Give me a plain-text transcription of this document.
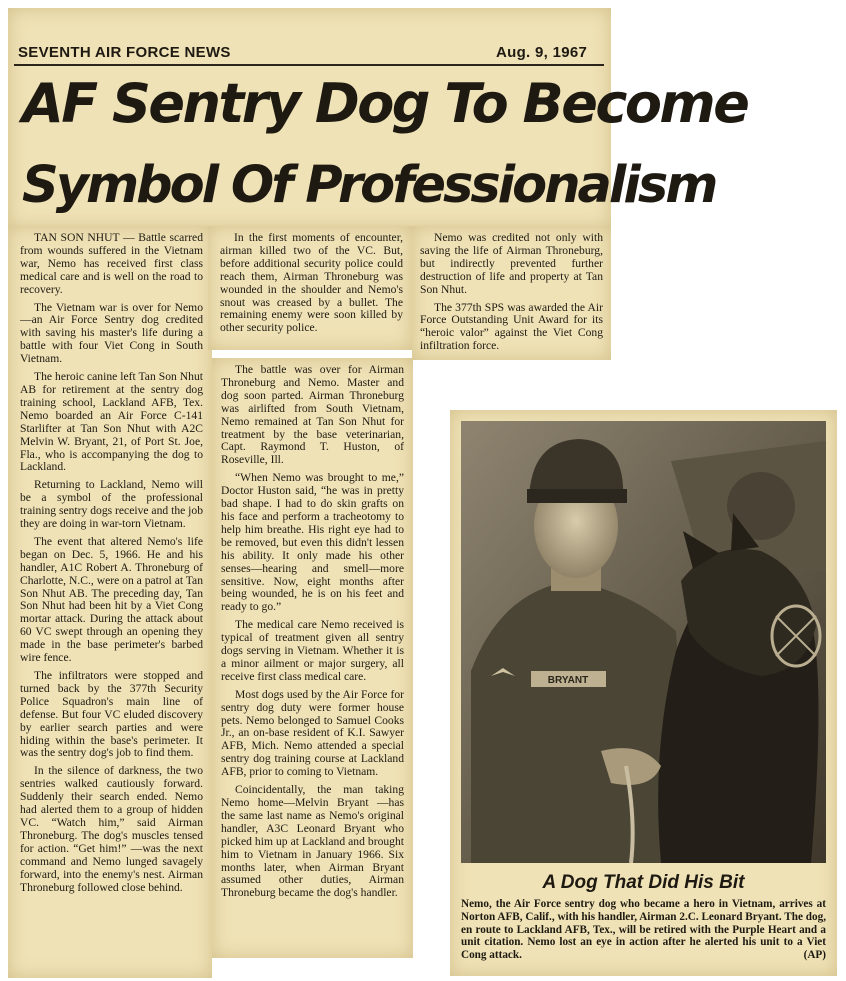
SEVENTH AIR FORCE NEWS	Aug. 9, 1967
AF Sentry Dog To Become
Symbol Of Professionalism

TAN SON NHUT — Battle scarred from wounds suffered in the Vietnam war, Nemo has received first class medical care and is well on the road to recovery.

The Vietnam war is over for Nemo—an Air Force Sentry dog credited with saving his master's life during a battle with four Viet Cong in South Vietnam.

The heroic canine left Tan Son Nhut AB for retirement at the sentry dog training school, Lackland AFB, Tex. Nemo boarded an Air Force C-141 Starlifter at Tan Son Nhut with A2C Melvin W. Bryant, 21, of Port St. Joe, Fla., who is accompanying the dog to Lackland.

Returning to Lackland, Nemo will be a symbol of the professional training sentry dogs receive and the job they are doing in war-torn Vietnam.

The event that altered Nemo's life began on Dec. 5, 1966. He and his handler, A1C Robert A. Throneburg of Charlotte, N.C., were on a patrol at Tan Son Nhut AB. The preceding day, Tan Son Nhut had been hit by a Viet Cong mortar attack. During the attack about 60 VC swept through an opening they made in the base perimeter's barbed wire fence.

The infiltrators were stopped and turned back by the 377th Security Police Squadron's main line of defense. But four VC eluded discovery by earlier search parties and were hiding within the base's perimeter. It was the sentry dog's job to find them.

In the silence of darkness, the two sentries walked cautiously forward. Suddenly their search ended. Nemo had alerted them to a group of hidden VC. “Watch him,” said Airman Throneburg. The dog's muscles tensed for action. “Get him!” —was the next command and Nemo lunged savagely forward, into the enemy's nest. Airman Throneburg followed close behind.

In the first moments of encounter, airman killed two of the VC. But, before additional security police could reach them, Airman Throneburg was wounded in the shoulder and Nemo's snout was creased by a bullet. The remaining enemy were soon killed by other security police.

Nemo was credited not only with saving the life of Airman Throneburg, but indirectly prevented further destruction of life and property at Tan Son Nhut.

The 377th SPS was awarded the Air Force Outstanding Unit Award for its “heroic valor” against the Viet Cong infiltration force.

The battle was over for Airman Throneburg and Nemo. Master and dog soon parted. Airman Throneburg was airlifted from South Vietnam, Nemo remained at Tan Son Nhut for treatment by the base veterinarian, Capt. Raymond T. Huston, of Roseville, Ill.

“When Nemo was brought to me,” Doctor Huston said, “he was in pretty bad shape. I had to do skin grafts on his face and perform a tracheotomy to help him breathe. His right eye had to be removed, but even this didn't lessen his ability. It only made his other senses—hearing and smell—more sensitive. Now, eight months after being wounded, he is on his feet and ready to go.”

The medical care Nemo received is typical of treatment given all sentry dogs serving in Vietnam. Whether it is a minor ailment or major surgery, all receive first class medical care.

Most dogs used by the Air Force for sentry dog duty were former house pets. Nemo belonged to Samuel Cooks Jr., an on-base resident of K.I. Sawyer AFB, Mich. Nemo attended a special sentry dog training course at Lackland AFB, prior to coming to Vietnam.

Coincidentally, the man taking Nemo home—Melvin Bryant —has the same last name as Nemo's original handler, A3C Leonard Bryant who picked him up at Lackland and brought him to Vietnam in January 1966. Six months later, when Airman Bryant assumed other duties, Airman Throneburg became the dog's handler.

BRYANT
A Dog That Did His Bit
Nemo, the Air Force sentry dog who became a hero in Vietnam, arrives at Norton AFB, Calif., with his handler, Airman 2.C. Leonard Bryant. The dog, en route to Lackland AFB, Tex., will be retired with the Purple Heart and a unit citation. Nemo lost an eye in action after he alerted his unit to a Viet Cong attack.	(AP)
